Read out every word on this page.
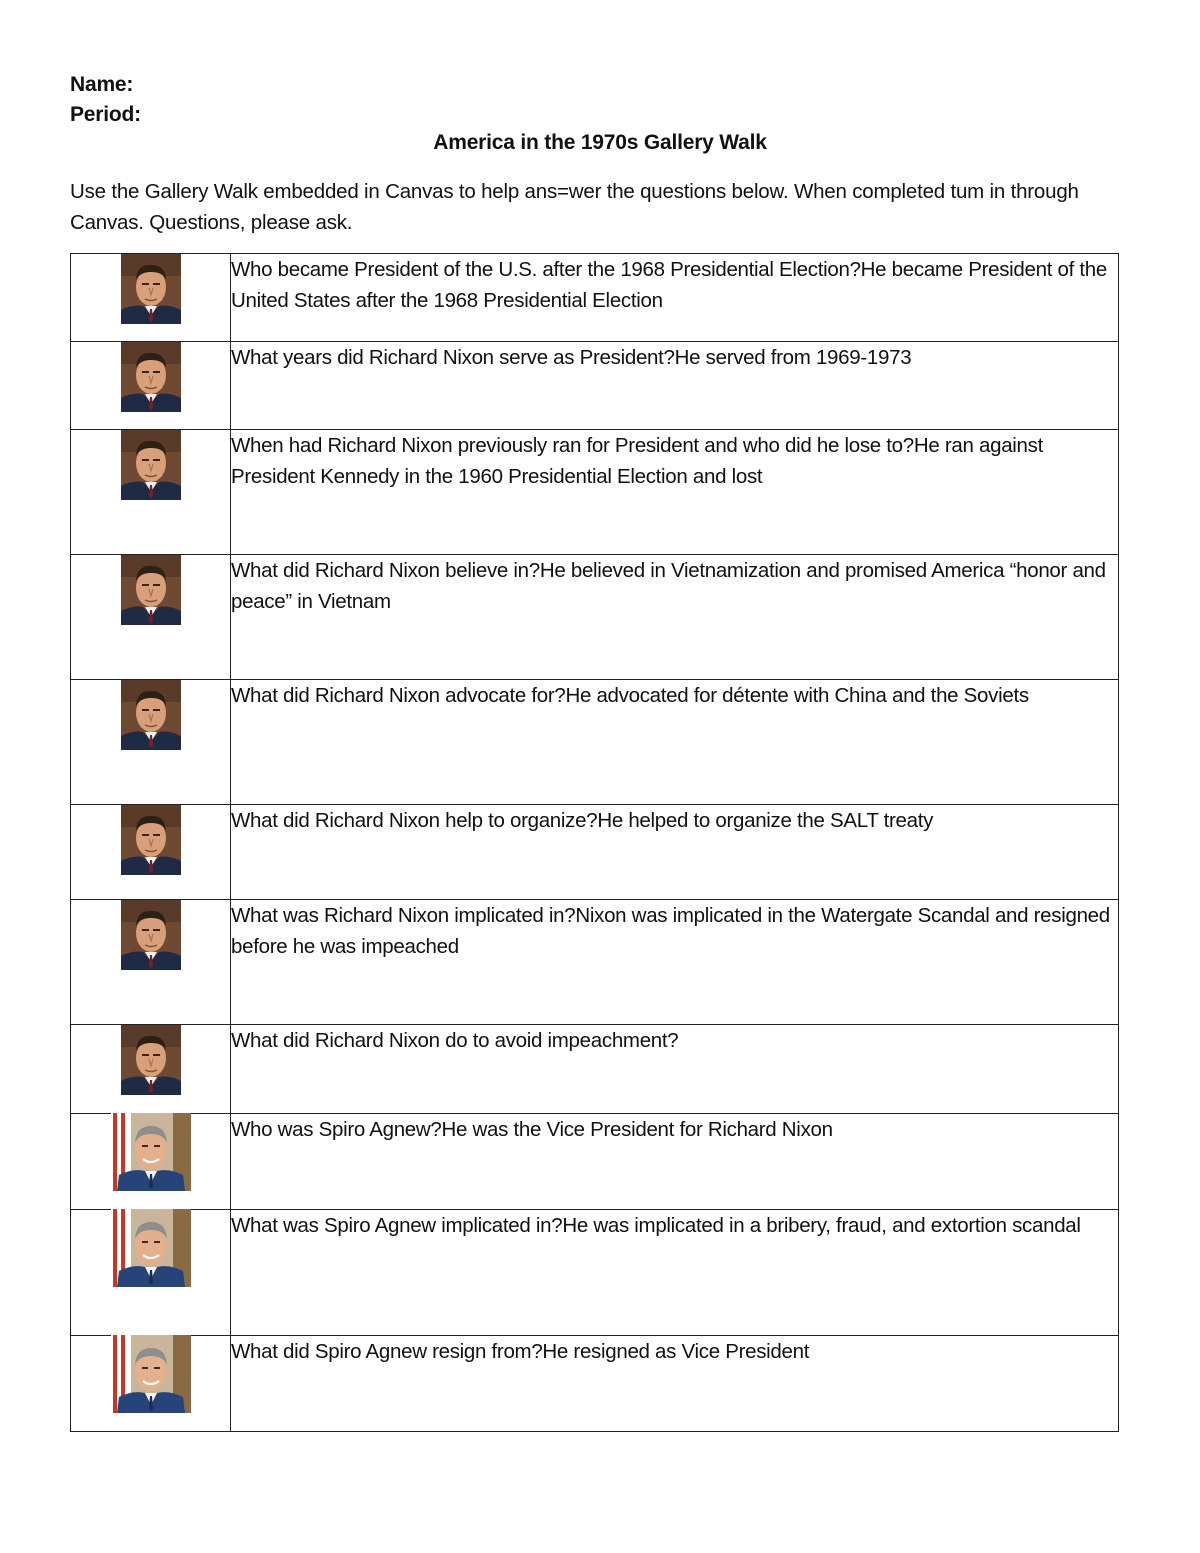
Name:
Period:
America in the 1970s Gallery Walk
Use the Gallery Walk embedded in Canvas to help ans=wer the questions below. When completed tum in through Canvas. Questions, please ask.
	Who became President of the U.S. after the 1968 Presidential Election?He became President of the United States after the 1968 Presidential Election

	What years did Richard Nixon serve as President?He served from 1969-1973

	When had Richard Nixon previously ran for President and who did he lose to?He ran against President Kennedy in the 1960 Presidential Election and lost

	What did Richard Nixon believe in?He believed in Vietnamization and promised America “honor and peace” in Vietnam

	What did Richard Nixon advocate for?He advocated for détente with China and the Soviets

	What did Richard Nixon help to organize?He helped to organize the SALT treaty

	What was Richard Nixon implicated in?Nixon was implicated in the Watergate Scandal and resigned before he was impeached

	What did Richard Nixon do to avoid impeachment?

	Who was Spiro Agnew?He was the Vice President for Richard Nixon

	What was Spiro Agnew implicated in?He was implicated in a bribery, fraud, and extortion scandal

	What did Spiro Agnew resign from?He resigned as Vice President
